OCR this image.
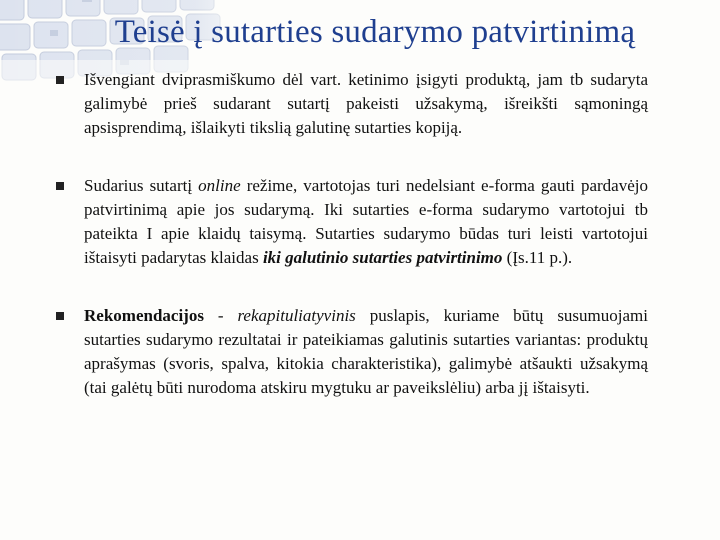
Teisė į sutarties sudarymo patvirtinimą
Išvengiant dviprasmiškumo dėl vart. ketinimo įsigyti produktą, jam tb sudaryta galimybė prieš sudarant sutartį pakeisti užsakymą, išreikšti sąmoningą apsisprendimą, išlaikyti tikslią galutinę sutarties kopiją.
Sudarius sutartį online režime, vartotojas turi nedelsiant e-forma gauti pardavėjo patvirtinimą apie jos sudarymą. Iki sutarties e-forma sudarymo vartotojui tb pateikta I apie klaidų taisymą. Sutarties sudarymo būdas turi leisti vartotojui ištaisyti padarytas klaidas iki galutinio sutarties patvirtinimo (Įs.11 p.).
Rekomendacijos - rekapituliatyvinis puslapis, kuriame būtų susumuojami sutarties sudarymo rezultatai ir pateikiamas galutinis sutarties variantas: produktų aprašymas (svoris, spalva, kitokia charakteristika), galimybė atšaukti užsakymą (tai galėtų būti nurodoma atskiru mygtuku ar paveikslėliu) arba jį ištaisyti.
